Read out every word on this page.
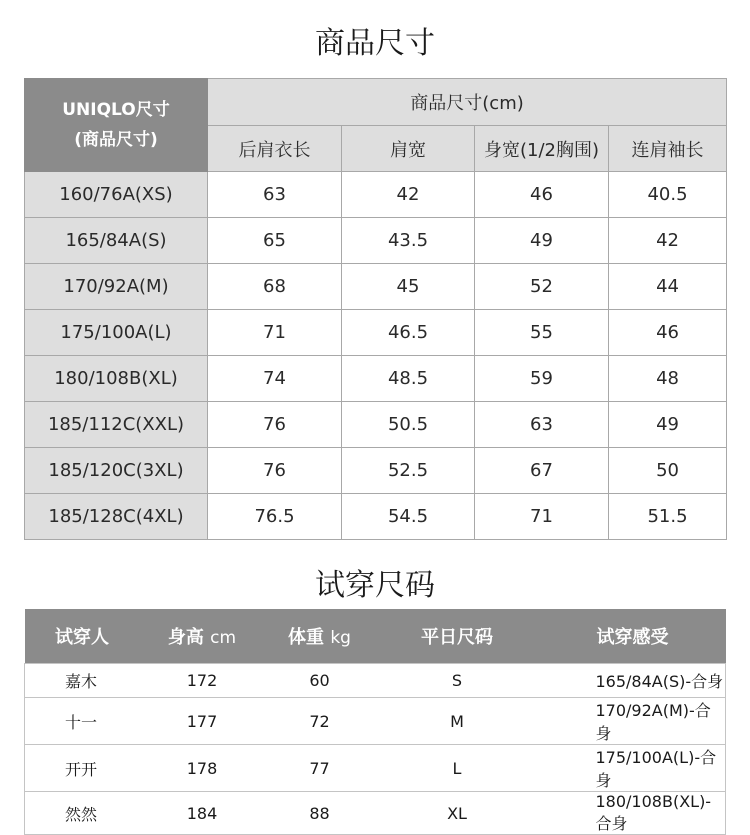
商品尺寸
UNIQLO尺寸
(商品尺寸)	商品尺寸(cm)			
	后肩衣长	肩宽	身宽(1/2胸围)	连肩袖长
160/76A(XS)	63	42	46	40.5
165/84A(S)	65	43.5	49	42
170/92A(M)	68	45	52	44
175/100A(L)	71	46.5	55	46
180/108B(XL)	74	48.5	59	48
185/112C(XXL)	76	50.5	63	49
185/120C(3XL)	76	52.5	67	50
185/128C(4XL)	76.5	54.5	71	51.5
试穿尺码
试穿人	身高 cm	体重 kg	平日尺码	试穿感受
嘉木	172	60	S	165/84A(S)-合身
十一	177	72	M	170/92A(M)-合身
开开	178	77	L	175/100A(L)-合身
然然	184	88	XL	180/108B(XL)-合身
